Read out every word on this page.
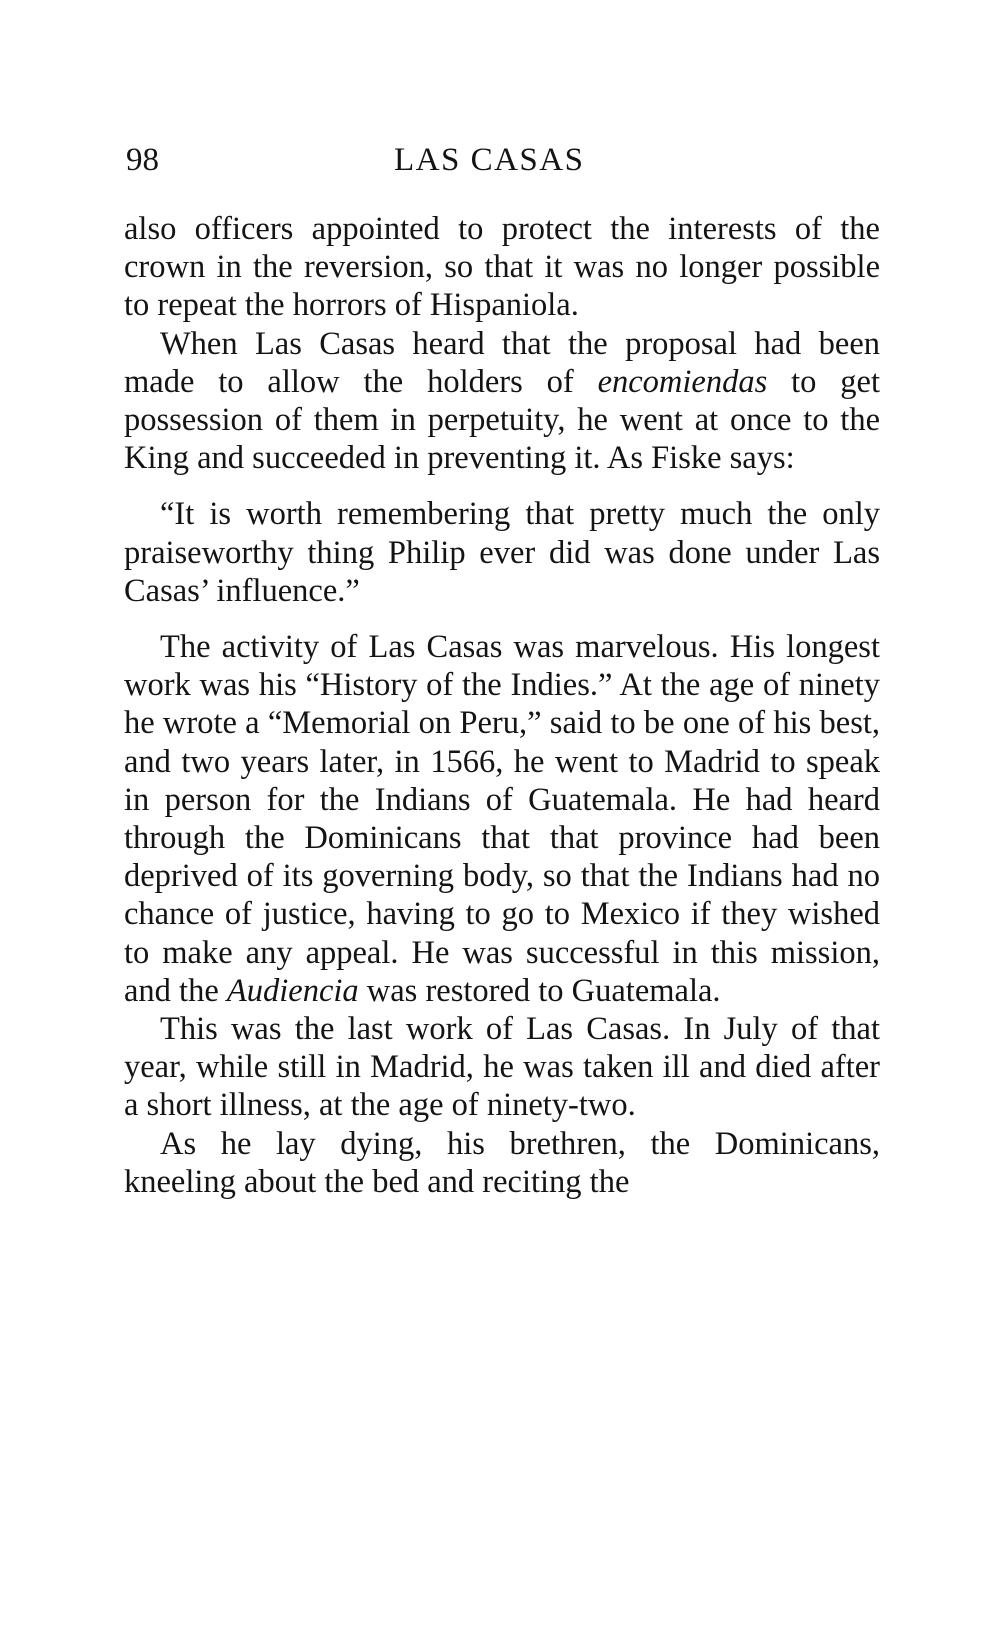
98	LAS CASAS

also officers appointed to protect the interests of the crown in the reversion, so that it was no longer possible to repeat the horrors of Hispaniola.

When Las Casas heard that the proposal had been made to allow the holders of encomiendas to get possession of them in perpetuity, he went at once to the King and succeeded in preventing it. As Fiske says:

“It is worth remembering that pretty much the only praiseworthy thing Philip ever did was done under Las Casas’ influence.”

The activity of Las Casas was marvelous. His longest work was his “History of the Indies.” At the age of ninety he wrote a “Memorial on Peru,” said to be one of his best, and two years later, in 1566, he went to Madrid to speak in person for the Indians of Guatemala. He had heard through the Dominicans that that province had been deprived of its governing body, so that the Indians had no chance of justice, having to go to Mexico if they wished to make any appeal. He was successful in this mission, and the Audiencia was restored to Guatemala.

This was the last work of Las Casas. In July of that year, while still in Madrid, he was taken ill and died after a short illness, at the age of ninety-two.

As he lay dying, his brethren, the Dominicans, kneeling about the bed and reciting the
